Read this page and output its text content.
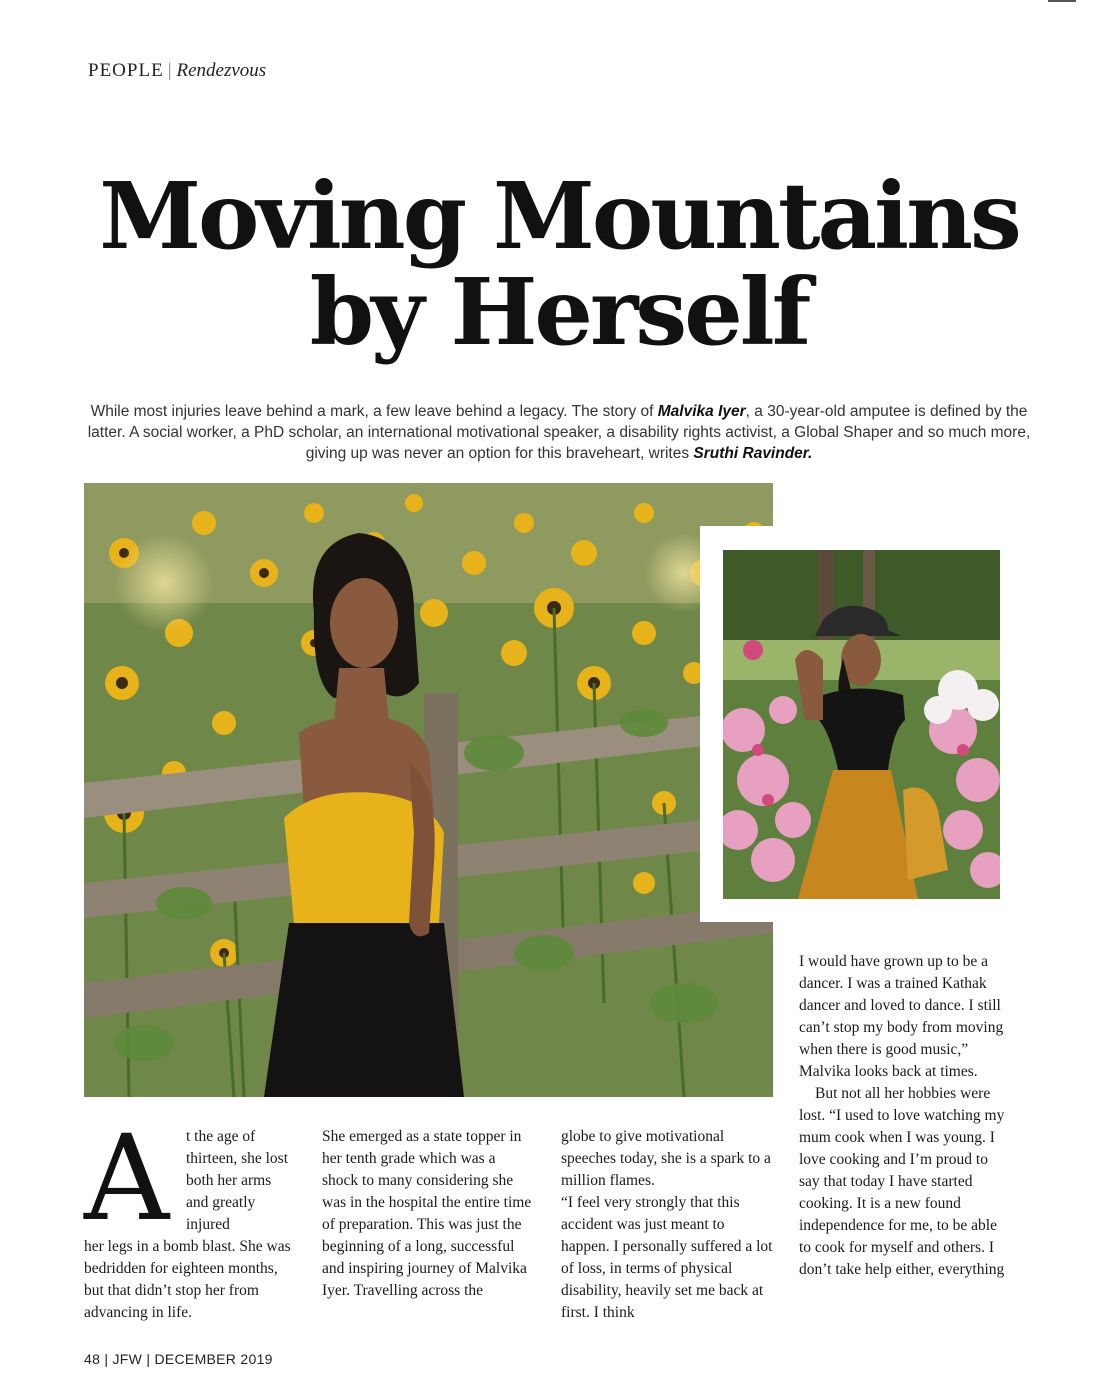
PEOPLE | Rendezvous
Moving Mountains
by Herself

While most injuries leave behind a mark, a few leave behind a legacy. The story of Malvika Iyer, a 30-year-old amputee is defined by the latter. A social worker, a PhD scholar, an international motivational speaker, a disability rights activist, a Global Shaper and so much more, giving up was never an option for this braveheart, writes Sruthi Ravinder.

A t the age of thirteen, she lost both her arms and greatly injured

her legs in a bomb blast. She was bedridden for eighteen months, but that didn’t stop her from advancing in life.

She emerged as a state topper in her tenth grade which was a shock to many considering she was in the hospital the entire time of preparation. This was just the beginning of a long, successful and inspiring journey of Malvika Iyer. Travelling across the

globe to give motivational speeches today, she is a spark to a million flames.

“I feel very strongly that this accident was just meant to happen. I personally suffered a lot of loss, in terms of physical disability, heavily set me back at first. I think

I would have grown up to be a dancer. I was a trained Kathak dancer and loved to dance. I still can’t stop my body from moving when there is good music,” Malvika looks back at times.

But not all her hobbies were lost. “I used to love watching my mum cook when I was young. I love cooking and I’m proud to say that today I have started cooking. It is a new found independence for me, to be able to cook for myself and others. I don’t take help either, everything

48 | JFW | DECEMBER 2019
